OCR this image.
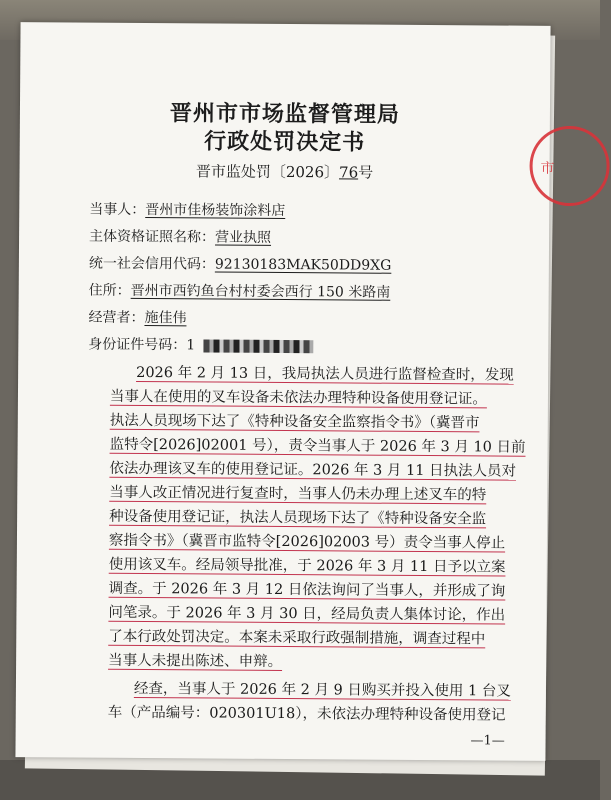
市
晋州市市场监督管理局
行政处罚决定书
晋市监处罚〔2026〕76号
当事人：晋州市佳杨装饰涂料店
主体资格证照名称：营业执照
统一社会信用代码：92130183MAK50DD9XG
住所：晋州市西钓鱼台村村委会西行 150 米路南
经营者：施佳伟
身份证件号码：1
2026 年 2 月 13 日，我局执法人员进行监督检查时，发现
当事人在使用的叉车设备未依法办理特种设备使用登记证。
执法人员现场下达了《特种设备安全监察指令书》（冀晋市
监特令[2026]02001 号），责令当事人于 2026 年 3 月 10 日前
依法办理该叉车的使用登记证。2026 年 3 月 11 日执法人员对
当事人改正情况进行复查时，当事人仍未办理上述叉车的特
种设备使用登记证，执法人员现场下达了《特种设备安全监
察指令书》（冀晋市监特令[2026]02003 号）责令当事人停止
使用该叉车。经局领导批准，于 2026 年 3 月 11 日予以立案
调查。于 2026 年 3 月 12 日依法询问了当事人，并形成了询
问笔录。于 2026 年 3 月 30 日，经局负责人集体讨论，作出
了本行政处罚决定。本案未采取行政强制措施，调查过程中
当事人未提出陈述、申辩。
经查，当事人于 2026 年 2 月 9 日购买并投入使用 1 台叉
车（产品编号：020301U18），未依法办理特种设备使用登记
—1—
